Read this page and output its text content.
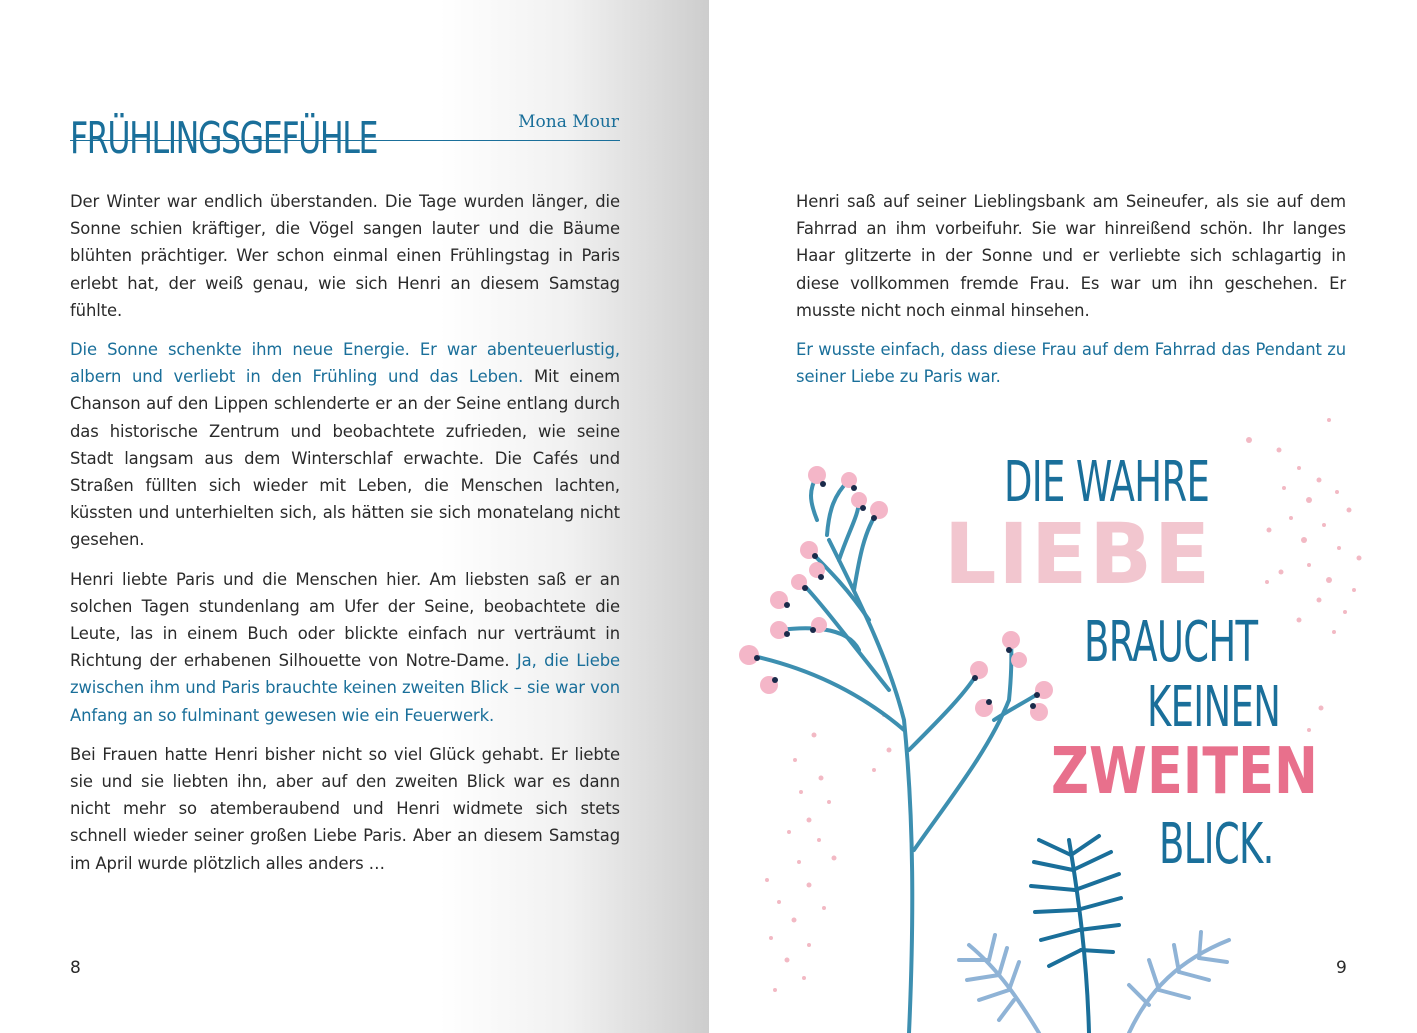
FRÜHLINGSGEFÜHLE	Mona Mour

Der Winter war endlich überstanden. Die Tage wurden länger, die Sonne schien kräftiger, die Vögel sangen lauter und die Bäume blühten prächtiger. Wer schon einmal einen Frühlingstag in Paris erlebt hat, der weiß genau, wie sich Henri an diesem Samstag fühlte.

Die Sonne schenkte ihm neue Energie. Er war abenteuerlustig, albern und verliebt in den Frühling und das Leben. Mit einem Chanson auf den Lippen schlenderte er an der Seine entlang durch das historische Zentrum und beobachtete zufrieden, wie seine Stadt langsam aus dem Winterschlaf erwachte. Die Cafés und Straßen füllten sich wieder mit Leben, die Menschen lachten, küssten und unterhielten sich, als hätten sie sich monatelang nicht gesehen.

Henri liebte Paris und die Menschen hier. Am liebsten saß er an solchen Tagen stundenlang am Ufer der Seine, beobachtete die Leute, las in einem Buch oder blickte einfach nur verträumt in Richtung der erhabenen Silhouette von Notre-Dame. Ja, die Liebe zwischen ihm und Paris brauchte keinen zweiten Blick – sie war von Anfang an so fulminant gewesen wie ein Feuerwerk.

Bei Frauen hatte Henri bisher nicht so viel Glück gehabt. Er liebte sie und sie liebten ihn, aber auf den zweiten Blick war es dann nicht mehr so atemberaubend und Henri widmete sich stets schnell wieder seiner großen Liebe Paris. Aber an diesem Samstag im April wurde plötzlich alles anders …

8

Henri saß auf seiner Lieblingsbank am Seineufer, als sie auf dem Fahrrad an ihm vorbeifuhr. Sie war hinreißend schön. Ihr langes Haar glitzerte in der Sonne und er verliebte sich schlagartig in diese vollkommen fremde Frau. Es war um ihn geschehen. Er musste nicht noch einmal hinsehen.

Er wusste einfach, dass diese Frau auf dem Fahrrad das Pendant zu seiner Liebe zu Paris war.

DIE WAHRE
LIEBE
BRAUCHT
KEINEN
ZWEITEN
BLICK.
9
